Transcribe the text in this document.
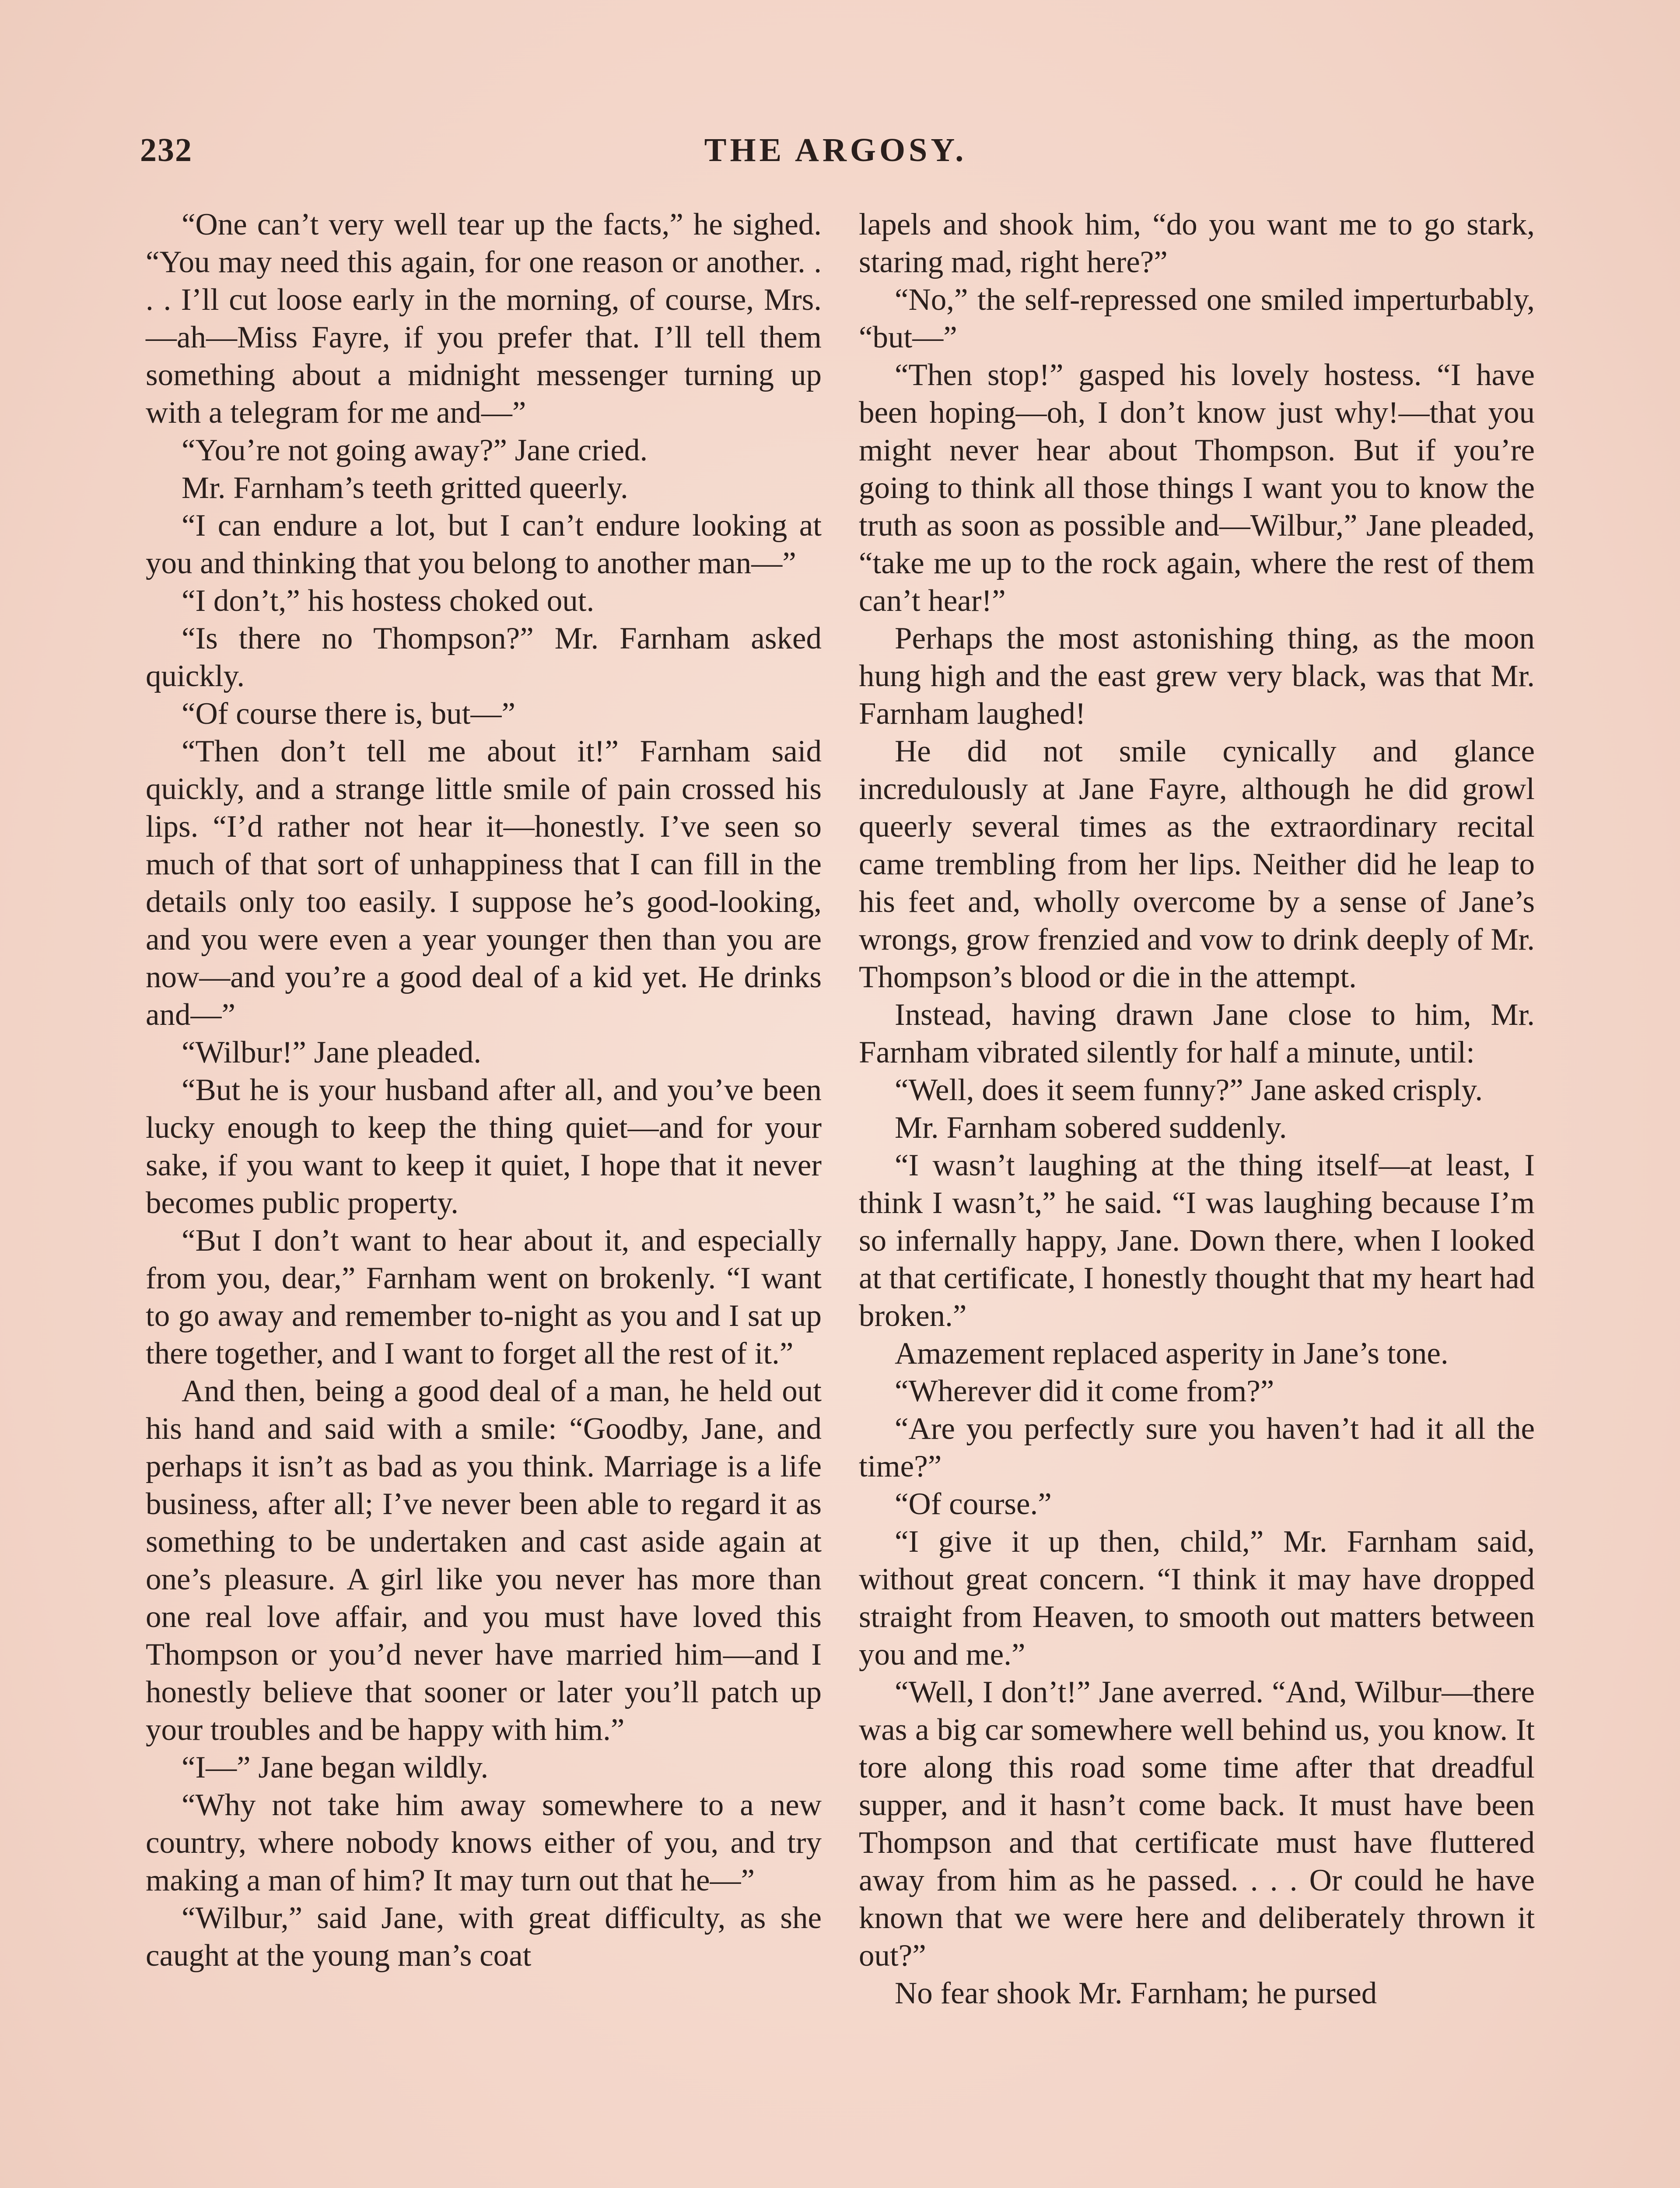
232	THE ARGOSY.

“One can’t very well tear up the facts,” he sighed. “You may need this again, for one reason or another. . . . I’ll cut loose early in the morning, of course, Mrs.—ah—Miss Fayre, if you prefer that. I’ll tell them something about a midnight messenger turning up with a telegram for me and—”

“You’re not going away?” Jane cried.

Mr. Farnham’s teeth gritted queerly.

“I can endure a lot, but I can’t endure looking at you and thinking that you belong to another man—”

“I don’t,” his hostess choked out.

“Is there no Thompson?” Mr. Farnham asked quickly.

“Of course there is, but—”

“Then don’t tell me about it!” Farnham said quickly, and a strange little smile of pain crossed his lips. “I’d rather not hear it—honestly. I’ve seen so much of that sort of unhappiness that I can fill in the details only too easily. I suppose he’s good-looking, and you were even a year younger then than you are now—and you’re a good deal of a kid yet. He drinks and—”

“Wilbur!” Jane pleaded.

“But he is your husband after all, and you’ve been lucky enough to keep the thing quiet—and for your sake, if you want to keep it quiet, I hope that it never becomes public property.

“But I don’t want to hear about it, and especially from you, dear,” Farnham went on brokenly. “I want to go away and remember to-night as you and I sat up there together, and I want to forget all the rest of it.”

And then, being a good deal of a man, he held out his hand and said with a smile: “Goodby, Jane, and perhaps it isn’t as bad as you think. Marriage is a life business, after all; I’ve never been able to regard it as something to be undertaken and cast aside again at one’s pleasure. A girl like you never has more than one real love affair, and you must have loved this Thompson or you’d never have married him—and I honestly believe that sooner or later you’ll patch up your troubles and be happy with him.”

“I—” Jane began wildly.

“Why not take him away somewhere to a new country, where nobody knows either of you, and try making a man of him? It may turn out that he—”

“Wilbur,” said Jane, with great difficulty, as she caught at the young man’s coat

lapels and shook him, “do you want me to go stark, staring mad, right here?”

“No,” the self-repressed one smiled imperturbably, “but—”

“Then stop!” gasped his lovely hostess. “I have been hoping—oh, I don’t know just why!—that you might never hear about Thompson. But if you’re going to think all those things I want you to know the truth as soon as possible and—Wilbur,” Jane pleaded, “take me up to the rock again, where the rest of them can’t hear!”

Perhaps the most astonishing thing, as the moon hung high and the east grew very black, was that Mr. Farnham laughed!

He did not smile cynically and glance incredulously at Jane Fayre, although he did growl queerly several times as the extraordinary recital came trembling from her lips. Neither did he leap to his feet and, wholly overcome by a sense of Jane’s wrongs, grow frenzied and vow to drink deeply of Mr. Thompson’s blood or die in the attempt.

Instead, having drawn Jane close to him, Mr. Farnham vibrated silently for half a minute, until:

“Well, does it seem funny?” Jane asked crisply.

Mr. Farnham sobered suddenly.

“I wasn’t laughing at the thing itself—at least, I think I wasn’t,” he said. “I was laughing because I’m so infernally happy, Jane. Down there, when I looked at that certificate, I honestly thought that my heart had broken.”

Amazement replaced asperity in Jane’s tone.

“Wherever did it come from?”

“Are you perfectly sure you haven’t had it all the time?”

“Of course.”

“I give it up then, child,” Mr. Farnham said, without great concern. “I think it may have dropped straight from Heaven, to smooth out matters between you and me.”

“Well, I don’t!” Jane averred. “And, Wilbur—there was a big car somewhere well behind us, you know. It tore along this road some time after that dreadful supper, and it hasn’t come back. It must have been Thompson and that certificate must have fluttered away from him as he passed. . . . Or could he have known that we were here and deliberately thrown it out?”

No fear shook Mr. Farnham; he pursed
